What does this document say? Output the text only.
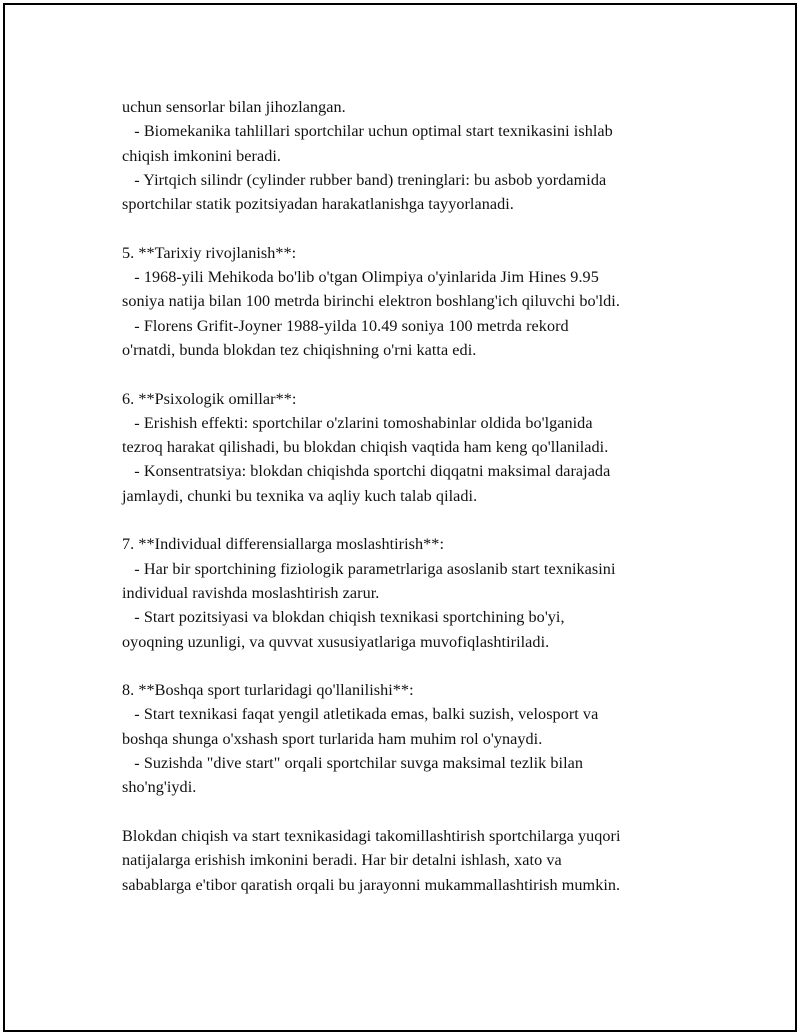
uchun sensorlar bilan jihozlangan.
- Biomekanika tahlillari sportchilar uchun optimal start texnikasini ishlab
chiqish imkonini beradi.
- Yirtqich silindr (cylinder rubber band) treninglari: bu asbob yordamida
sportchilar statik pozitsiyadan harakatlanishga tayyorlanadi.
5. **Tarixiy rivojlanish**:
- 1968-yili Mehikoda bo'lib o'tgan Olimpiya o'yinlarida Jim Hines 9.95
soniya natija bilan 100 metrda birinchi elektron boshlang'ich qiluvchi bo'ldi.
- Florens Grifit-Joyner 1988-yilda 10.49 soniya 100 metrda rekord
o'rnatdi, bunda blokdan tez chiqishning o'rni katta edi.
6. **Psixologik omillar**:
- Erishish effekti: sportchilar o'zlarini tomoshabinlar oldida bo'lganida
tezroq harakat qilishadi, bu blokdan chiqish vaqtida ham keng qo'llaniladi.
- Konsentratsiya: blokdan chiqishda sportchi diqqatni maksimal darajada
jamlaydi, chunki bu texnika va aqliy kuch talab qiladi.
7. **Individual differensiallarga moslashtirish**:
- Har bir sportchining fiziologik parametrlariga asoslanib start texnikasini
individual ravishda moslashtirish zarur.
- Start pozitsiyasi va blokdan chiqish texnikasi sportchining bo'yi,
oyoqning uzunligi, va quvvat xususiyatlariga muvofiqlashtiriladi.
8. **Boshqa sport turlaridagi qo'llanilishi**:
- Start texnikasi faqat yengil atletikada emas, balki suzish, velosport va
boshqa shunga o'xshash sport turlarida ham muhim rol o'ynaydi.
- Suzishda "dive start" orqali sportchilar suvga maksimal tezlik bilan
sho'ng'iydi.
Blokdan chiqish va start texnikasidagi takomillashtirish sportchilarga yuqori
natijalarga erishish imkonini beradi. Har bir detalni ishlash, xato va
sabablarga e'tibor qaratish orqali bu jarayonni mukammallashtirish mumkin.
